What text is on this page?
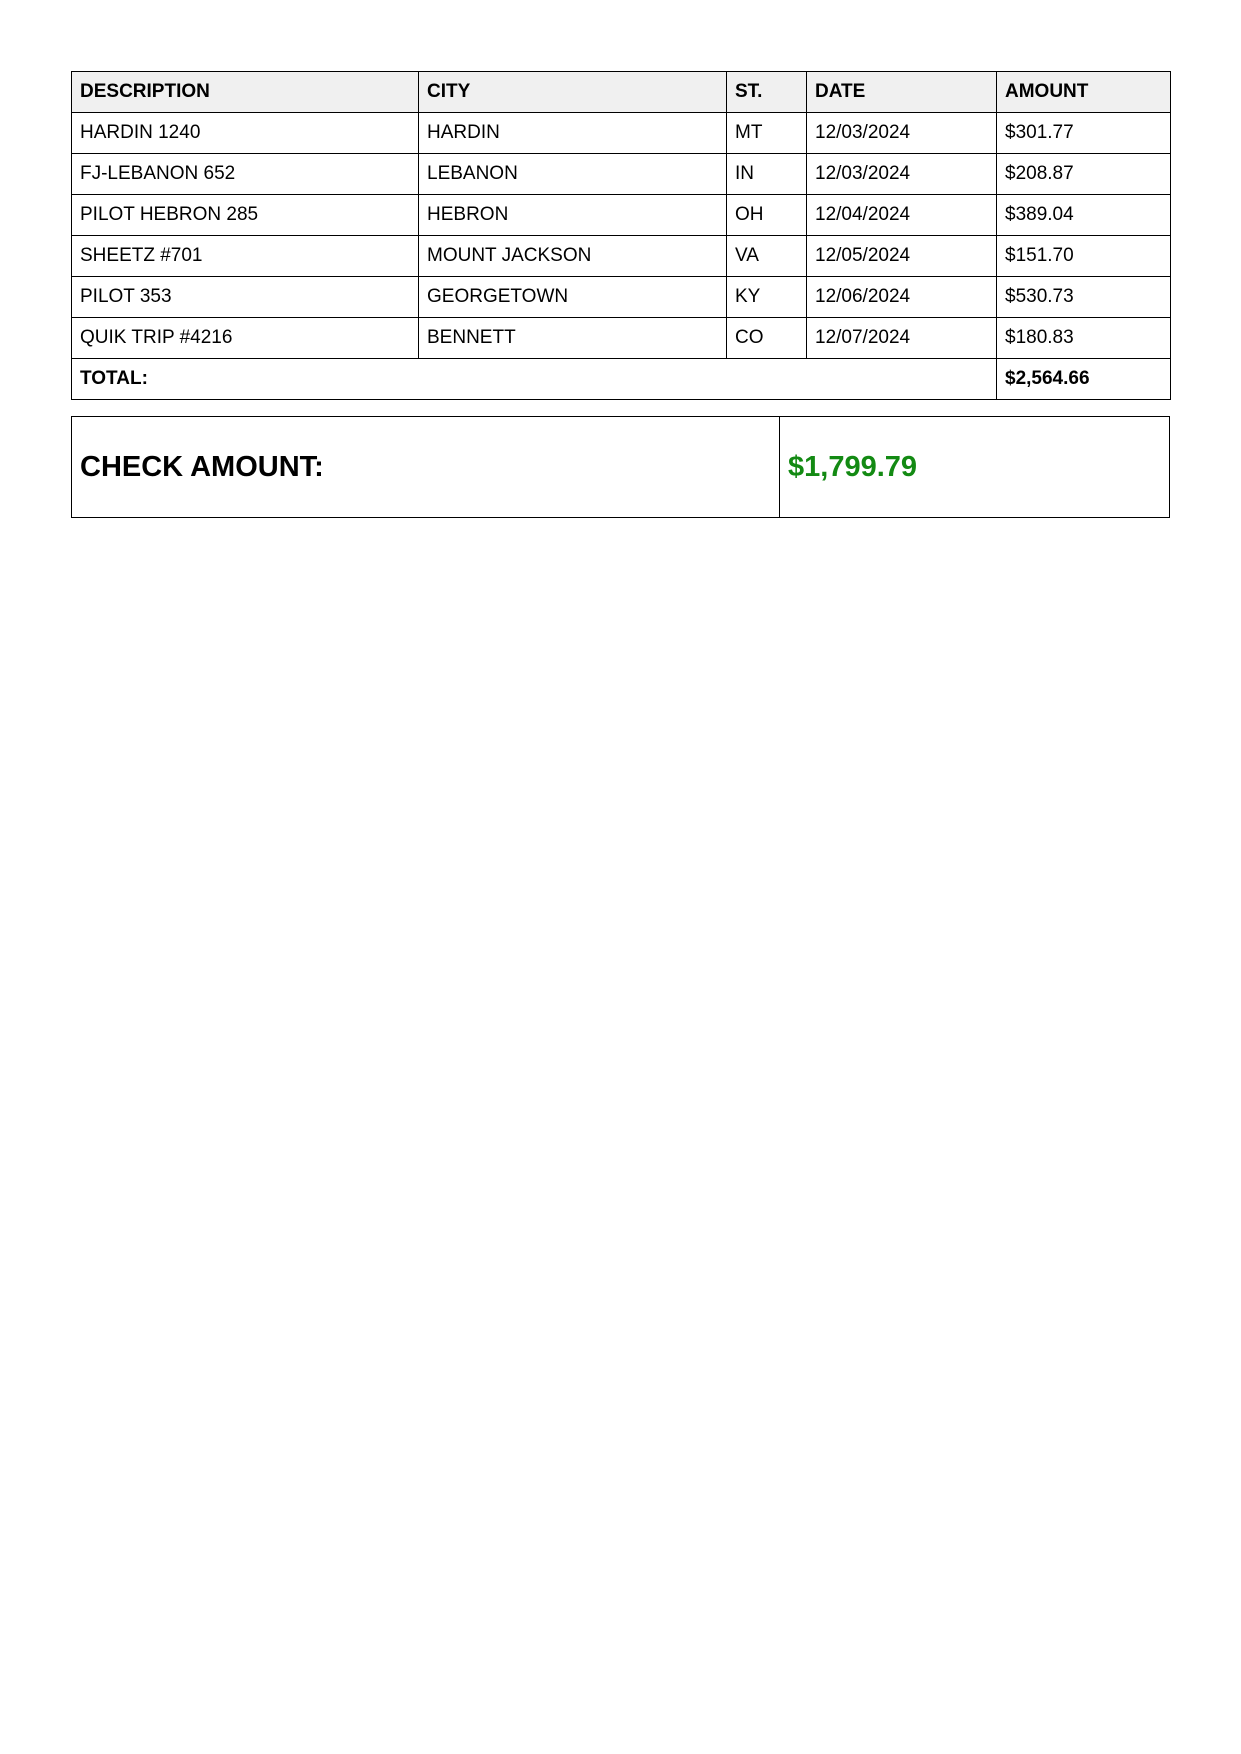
DESCRIPTION	CITY	ST.	DATE	AMOUNT
HARDIN 1240	HARDIN	MT	12/03/2024	$301.77
FJ-LEBANON 652	LEBANON	IN	12/03/2024	$208.87
PILOT HEBRON 285	HEBRON	OH	12/04/2024	$389.04
SHEETZ #701	MOUNT JACKSON	VA	12/05/2024	$151.70
PILOT 353	GEORGETOWN	KY	12/06/2024	$530.73
QUIK TRIP #4216	BENNETT	CO	12/07/2024	$180.83
TOTAL:				$2,564.66
CHECK AMOUNT:	$1,799.79
